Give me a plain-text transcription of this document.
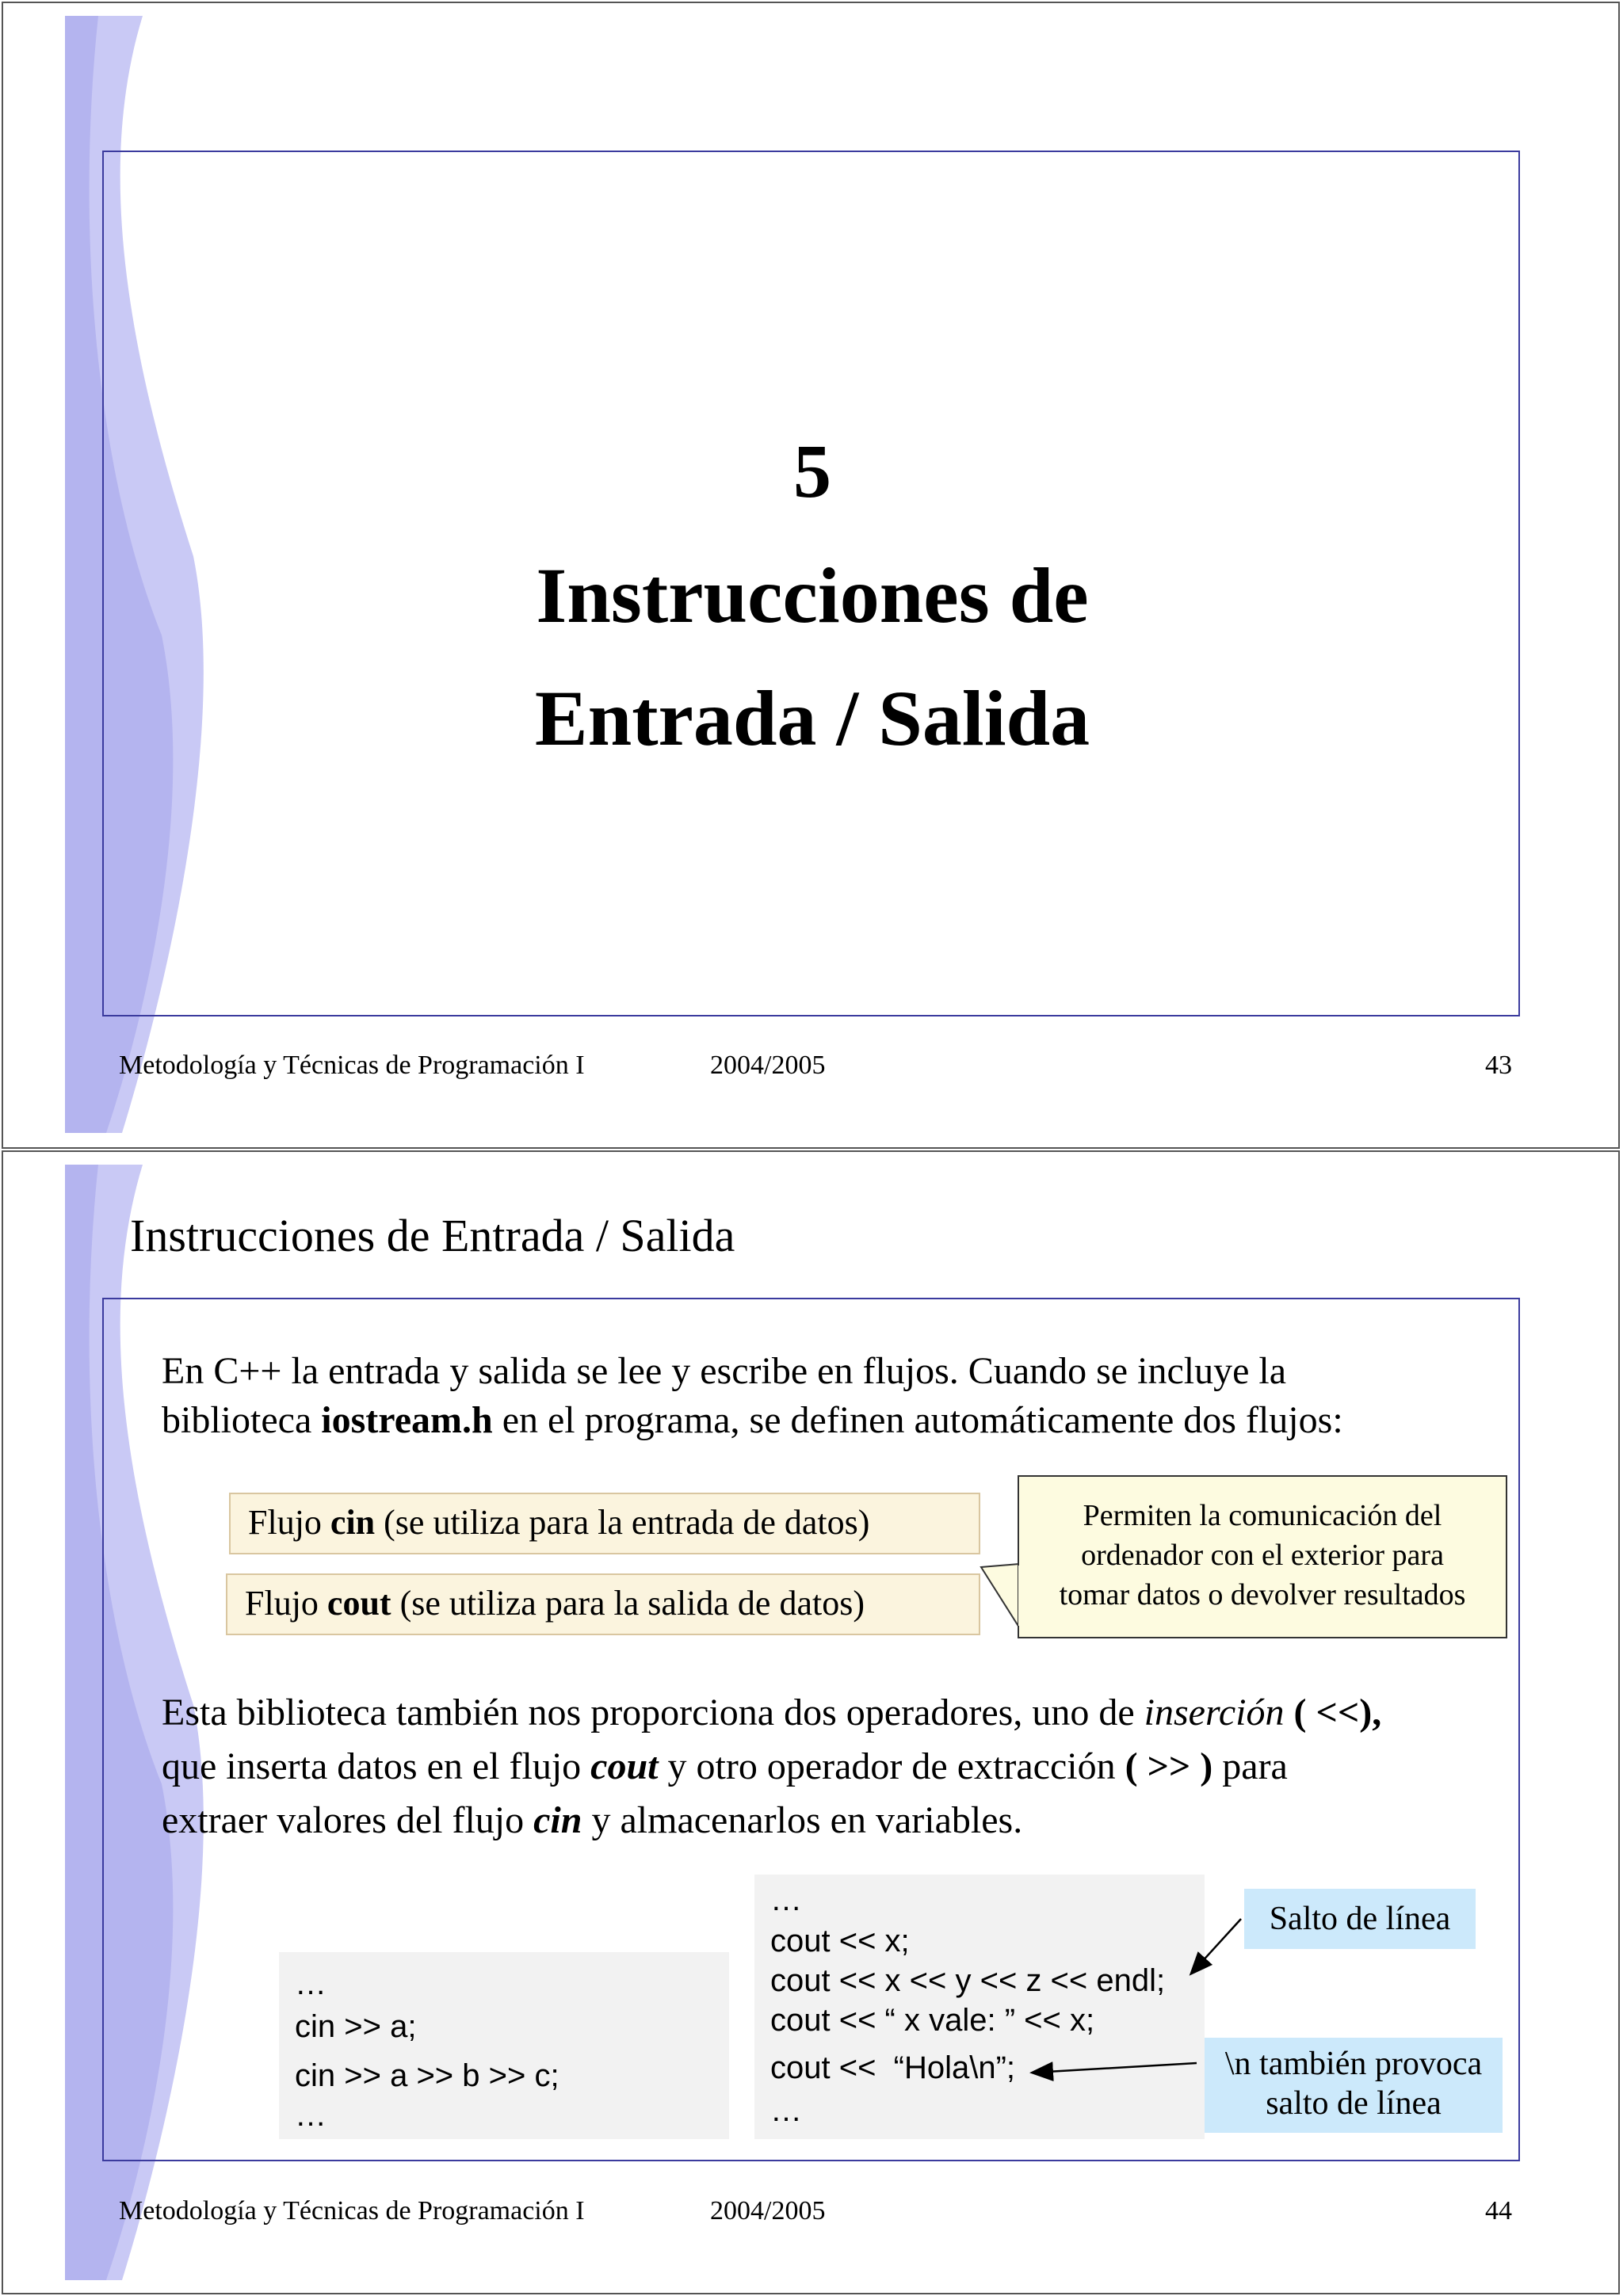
5
Instrucciones de
Entrada / Salida
Metodología y Técnicas de Programación I	2004/2005	43
Instrucciones de Entrada / Salida
En C++ la entrada y salida se lee y escribe en flujos. Cuando se incluye la
biblioteca iostream.h en el programa, se definen automáticamente dos flujos:
Flujo cin (se utiliza para la entrada de datos)
Flujo cout (se utiliza para la salida de datos)
Permiten la comunicación del
ordenador con el exterior para
tomar datos o devolver resultados
Esta biblioteca también nos proporciona dos operadores, uno de inserción ( <<),
que inserta datos en el flujo cout y otro operador de extracción ( >> ) para
extraer valores del flujo cin y almacenarlos en variables.
…
cin >> a;
cin >> a >> b >> c;
…
…
cout << x;
cout << x << y << z << endl;
cout << “ x vale: ” << x;
cout <<  “Hola\n”;
…
Salto de línea
\n también provoca
salto de línea
Metodología y Técnicas de Programación I	2004/2005	44
